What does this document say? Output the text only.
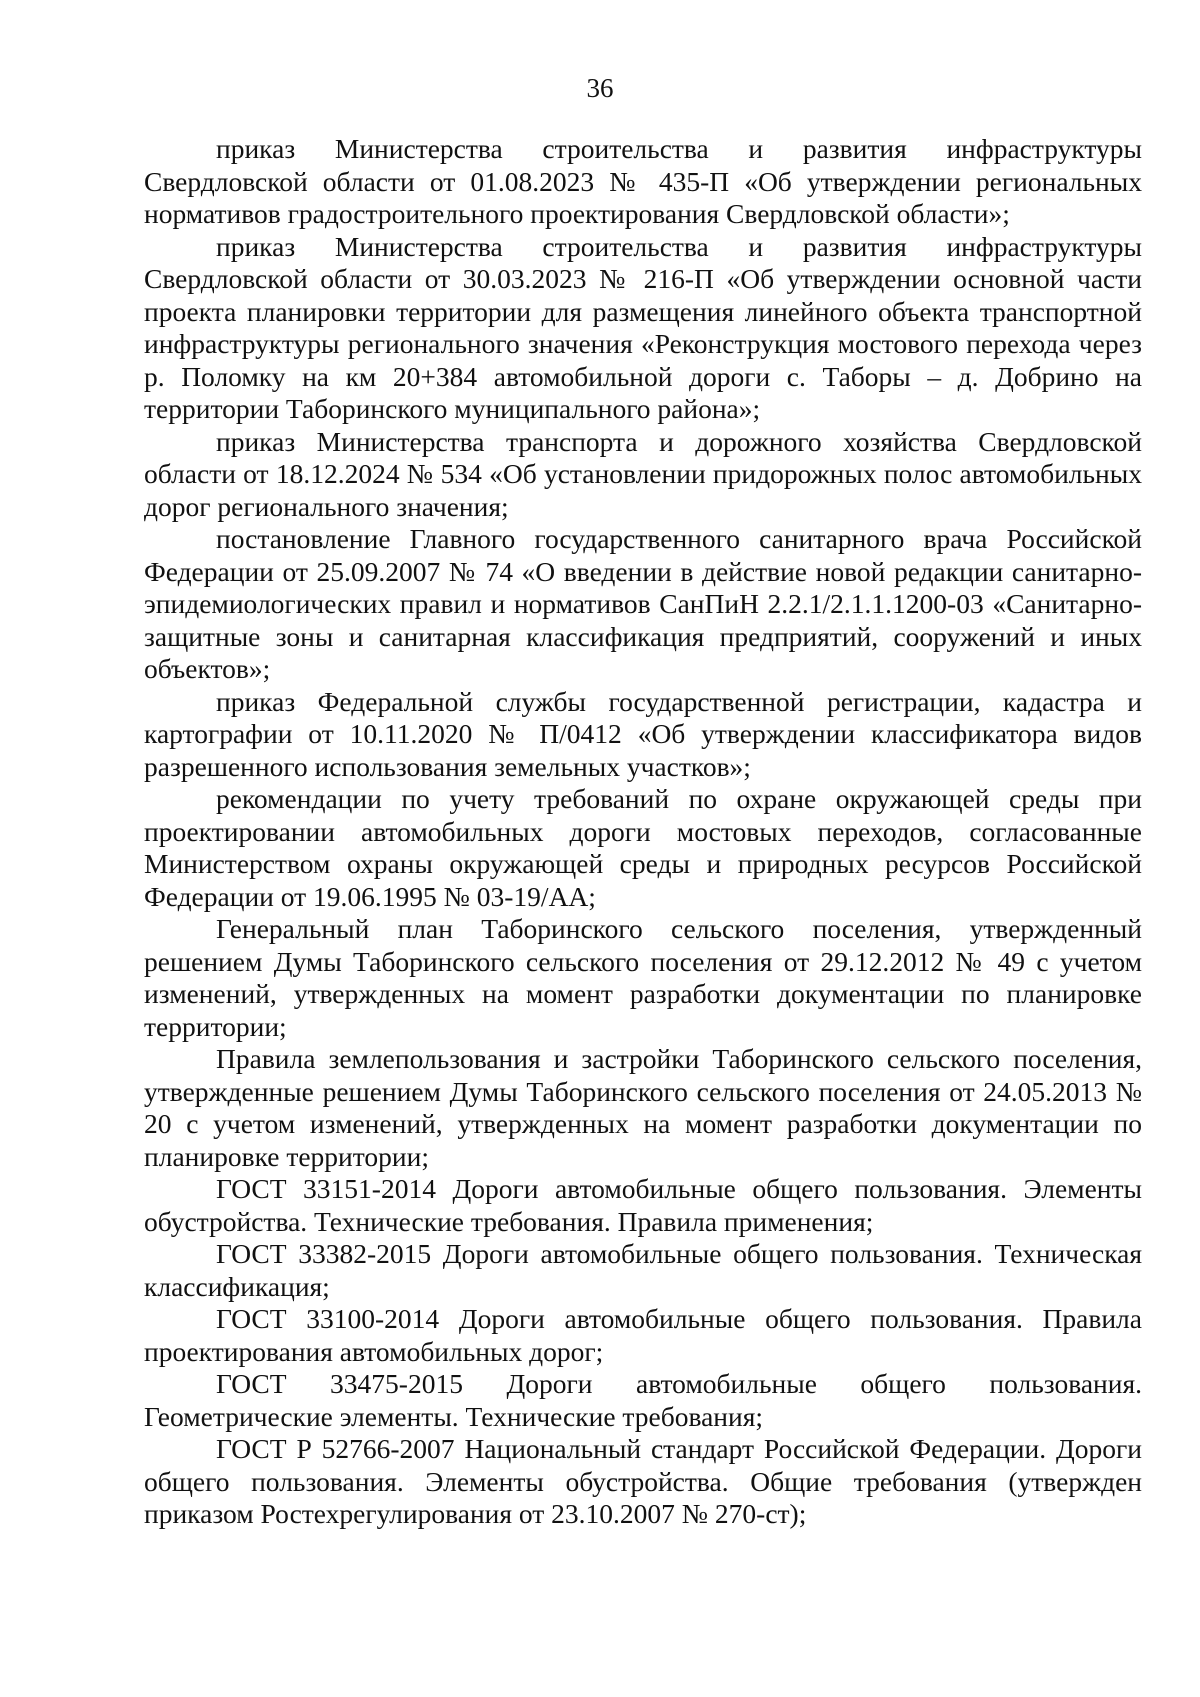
36

приказ Министерства строительства и развития инфраструктуры Свердловской области от 01.08.2023 № 435-П «Об утверждении региональных нормативов градостроительного проектирования Свердловской области»;

приказ Министерства строительства и развития инфраструктуры Свердловской области от 30.03.2023 № 216-П «Об утверждении основной части проекта планировки территории для размещения линейного объекта транспортной инфраструктуры регионального значения «Реконструкция мостового перехода через р. Поломку на км 20+384 автомобильной дороги с. Таборы – д. Добрино на территории Таборинского муниципального района»;

приказ Министерства транспорта и дорожного хозяйства Свердловской области от 18.12.2024 № 534 «Об установлении придорожных полос автомобильных дорог регионального значения;

постановление Главного государственного санитарного врача Российской Федерации от 25.09.2007 № 74 «О введении в действие новой редакции санитарно-эпидемиологических правил и нормативов СанПиН 2.2.1/2.1.1.1200-03 «Санитарно-защитные зоны и санитарная классификация предприятий, сооружений и иных объектов»;

приказ Федеральной службы государственной регистрации, кадастра и картографии от 10.11.2020 № П/0412 «Об утверждении классификатора видов разрешенного использования земельных участков»;

рекомендации по учету требований по охране окружающей среды при проектировании автомобильных дороги мостовых переходов, согласованные Министерством охраны окружающей среды и природных ресурсов Российской Федерации от 19.06.1995 № 03-19/АА;

Генеральный план Таборинского сельского поселения, утвержденный решением Думы Таборинского сельского поселения от 29.12.2012 № 49 с учетом изменений, утвержденных на момент разработки документации по планировке территории;

Правила землепользования и застройки Таборинского сельского поселения, утвержденные решением Думы Таборинского сельского поселения от 24.05.2013 № 20 с учетом изменений, утвержденных на момент разработки документации по планировке территории;

ГОСТ 33151-2014 Дороги автомобильные общего пользования. Элементы обустройства. Технические требования. Правила применения;

ГОСТ 33382-2015 Дороги автомобильные общего пользования. Техническая классификация;

ГОСТ 33100-2014 Дороги автомобильные общего пользования. Правила проектирования автомобильных дорог;

ГОСТ 33475-2015 Дороги автомобильные общего пользования. Геометрические элементы. Технические требования;

ГОСТ Р 52766-2007 Национальный стандарт Российской Федерации. Дороги общего пользования. Элементы обустройства. Общие требования (утвержден приказом Ростехрегулирования от 23.10.2007 № 270-ст);
